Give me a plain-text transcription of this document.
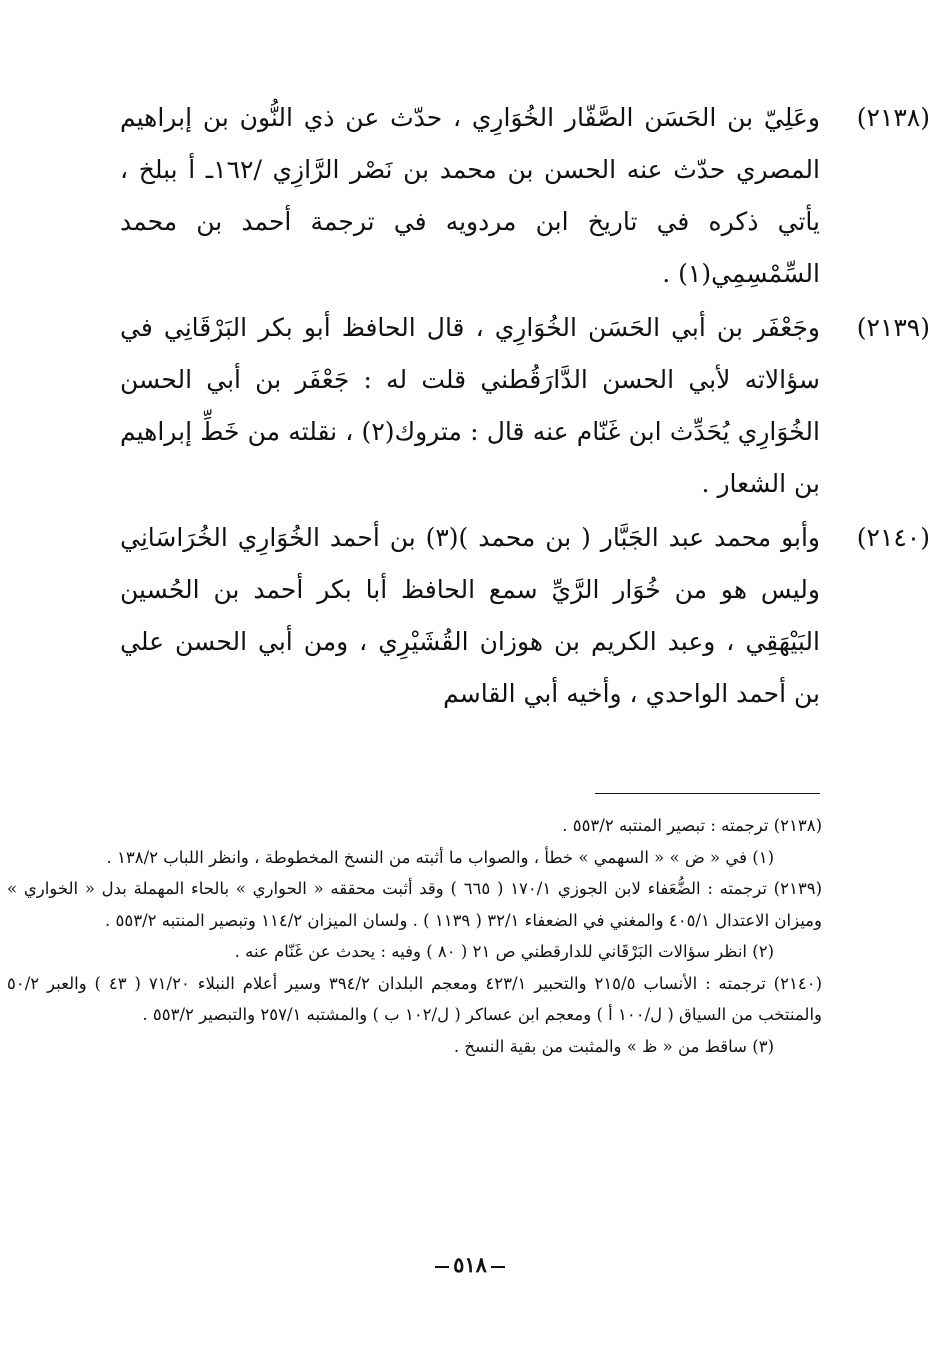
(٢١٣٨)
وعَلِيّ بن الحَسَن الصَّفّار الخُوَارِي ، حدّث عن ذي النُّون بن إبراهيم المصري حدّث عنه الحسن بن محمد بن نَصْر الرَّازِي /١٦٢ـ أ ببلخ ، يأتي ذكره في تاريخ ابن مردويه في ترجمة أحمد بن محمد السِّمْسِمِي(١) .
(٢١٣٩)
وجَعْفَر بن أبي الحَسَن الخُوَارِي ، قال الحافظ أبو بكر البَرْقَانِي في سؤالاته لأبي الحسن الدَّارَقُطني قلت له : جَعْفَر بن أبي الحسن الخُوَارِي يُحَدِّث ابن غَنّام عنه قال : متروك(٢) ، نقلته من خَطِّ إبراهيم بن الشعار .
(٢١٤٠)
وأبو محمد عبد الجَبَّار ( بن محمد )(٣) بن أحمد الخُوَارِي الخُرَاسَانِي وليس هو من خُوَار الرَّيِّ سمع الحافظ أبا بكر أحمد بن الحُسين البَيْهَقِي ، وعبد الكريم بن هوزان القُشَيْرِي ، ومن أبي الحسن علي بن أحمد الواحدي ، وأخيه أبي القاسم
(٢١٣٨) ترجمته : تبصير المنتبه ٥٥٣/٢ .
(١) في « ض » « السهمي » خطأ ، والصواب ما أثبته من النسخ المخطوطة ، وانظر اللباب ١٣٨/٢ .
(٢١٣٩) ترجمته : الضُّعَفاء لابن الجوزي ١٧٠/١ ( ٦٦٥ ) وقد أثبت محققه « الحواري » بالحاء المهملة بدل « الخواري » وميزان الاعتدال ٤٠٥/١ والمغني في الضعفاء ٣٢/١ ( ١١٣٩ ) . ولسان الميزان ١١٤/٢ وتبصير المنتبه ٥٥٣/٢ .
(٢) انظر سؤالات البَرْقَاني للدارقطني ص ٢١ ( ٨٠ ) وفيه : يحدث عن غَنّام عنه .
(٢١٤٠) ترجمته : الأنساب ٢١٥/٥ والتحبير ٤٢٣/١ ومعجم البلدان ٣٩٤/٢ وسير أعلام النبلاء ٧١/٢٠ ( ٤٣ ) والعبر ٥٠/٢ والمنتخب من السياق ( ل/١٠٠ أ ) ومعجم ابن عساكر ( ل/١٠٢ ب ) والمشتبه ٢٥٧/١ والتبصير ٥٥٣/٢ .
(٣) ساقط من « ظ » والمثبت من بقية النسخ .
٥١٨
